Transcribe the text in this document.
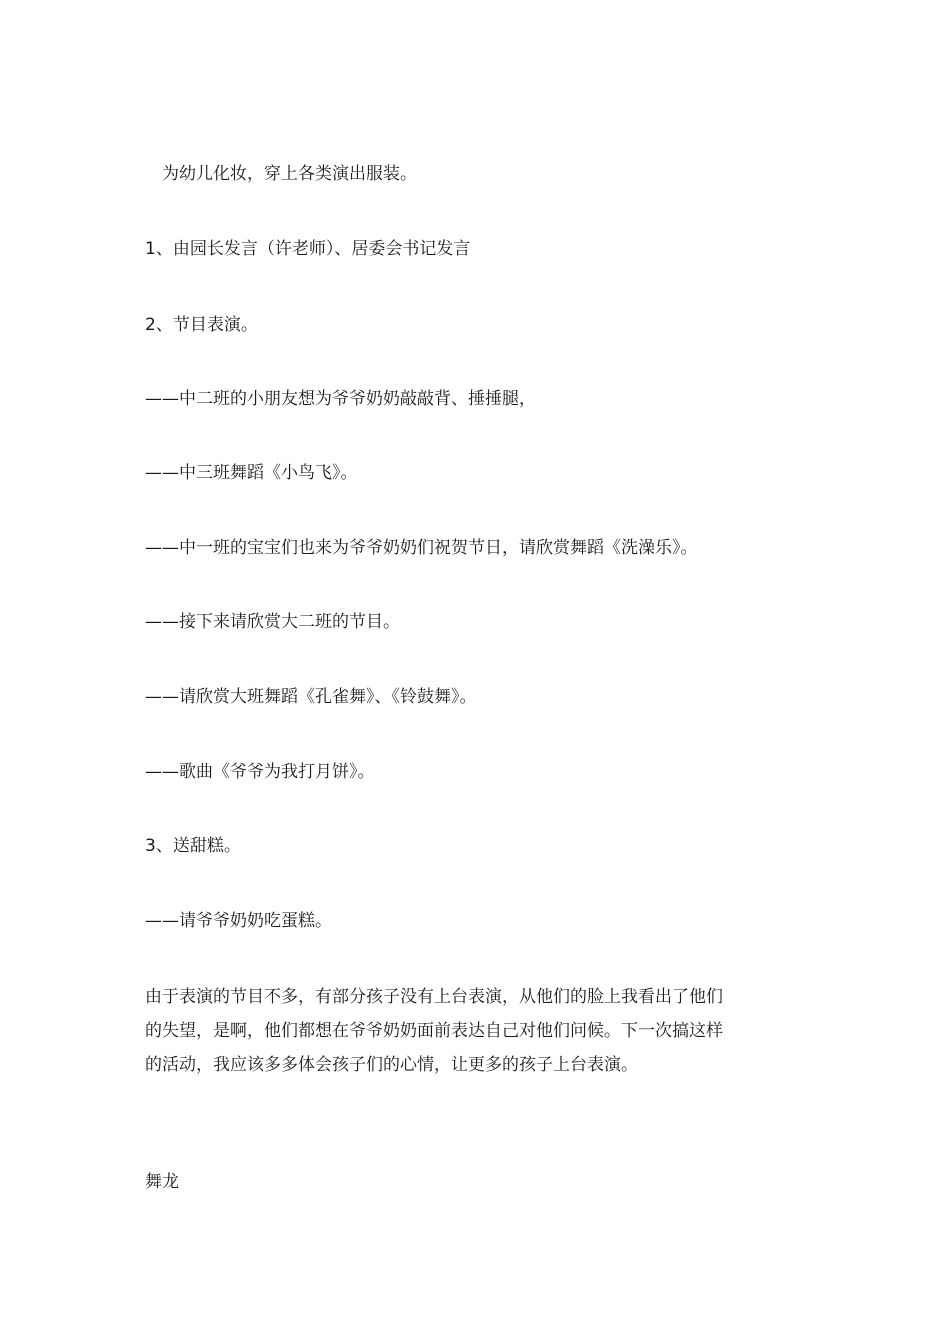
为幼儿化妆，穿上各类演出服装。

1、由园长发言（许老师）、居委会书记发言

2、节目表演。

——中二班的小朋友想为爷爷奶奶敲敲背、捶捶腿，

——中三班舞蹈《小鸟飞》。

——中一班的宝宝们也来为爷爷奶奶们祝贺节日，请欣赏舞蹈《洗澡乐》。

——接下来请欣赏大二班的节目。

——请欣赏大班舞蹈《孔雀舞》、《铃鼓舞》。

——歌曲《爷爷为我打月饼》。

3、送甜糕。

——请爷爷奶奶吃蛋糕。

由于表演的节目不多，有部分孩子没有上台表演，从他们的脸上我看出了他们
的失望，是啊，他们都想在爷爷奶奶面前表达自己对他们问候。下一次搞这样
的活动，我应该多多体会孩子们的心情，让更多的孩子上台表演。

舞龙
